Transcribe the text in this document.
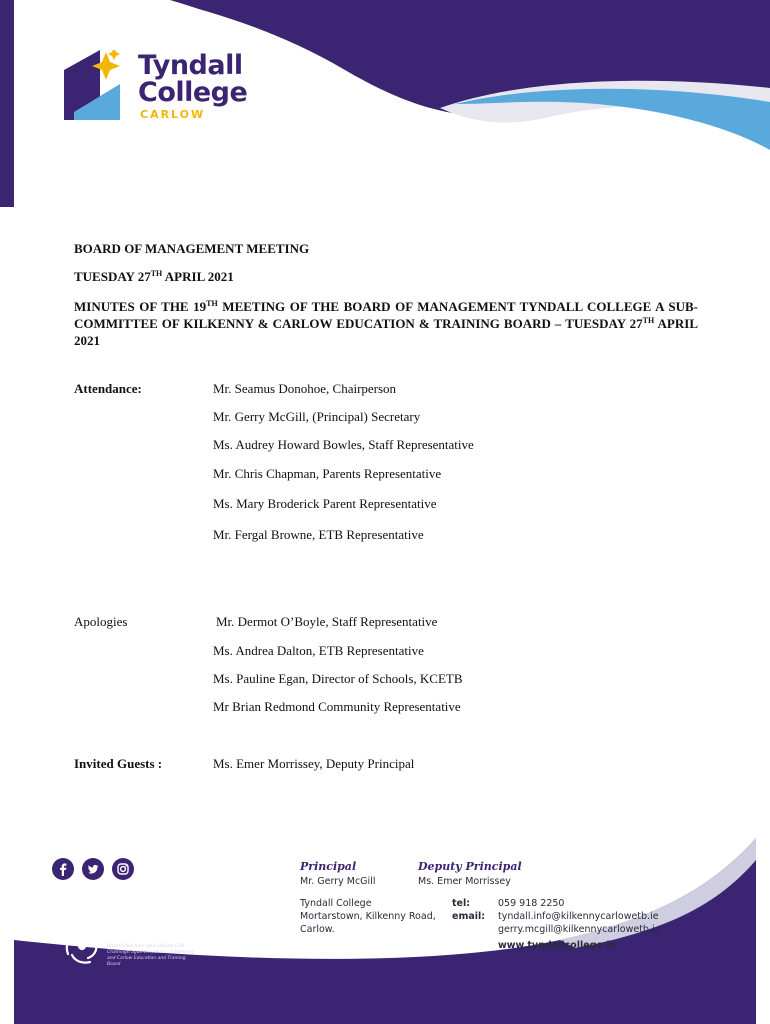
Tyndall
College
CARLOW
BOARD OF MANAGEMENT MEETING
TUESDAY 27TH APRIL 2021
MINUTES OF THE 19TH MEETING OF THE BOARD OF MANAGEMENT TYNDALL COLLEGE A SUB-COMMITTEE OF KILKENNY & CARLOW EDUCATION & TRAINING BOARD – TUESDAY 27TH APRIL 2021
Attendance:	Mr. Seamus Donohoe, Chairperson
Mr. Gerry McGill, (Principal) Secretary
Ms. Audrey Howard Bowles, Staff Representative
Mr. Chris Chapman, Parents Representative
Ms. Mary Broderick Parent Representative
Mr. Fergal Browne, ETB Representative
Apologies	Mr. Dermot O’Boyle, Staff Representative
Ms. Andrea Dalton, ETB Representative
Ms. Pauline Egan, Director of Schools, KCETB
Mr Brian Redmond Community Representative
Invited Guests :	Ms. Emer Morrissey, Deputy Principal
etb
Bord Oideachais agus Oiliúna Chill Chainnigh agus Cheatharlach Kilkenny and Carlow Education and Training Board
Principal
Mr. Gerry McGill
Deputy Principal
Ms. Emer Morrissey
Tyndall College
Mortarstown, Kilkenny Road,
Carlow.
tel:	059 918 2250
email: tyndall.info@kilkennycarlowetb.ie
gerry.mcgill@kilkennycarlowetb.ie
www.tyndallcollege.ie
